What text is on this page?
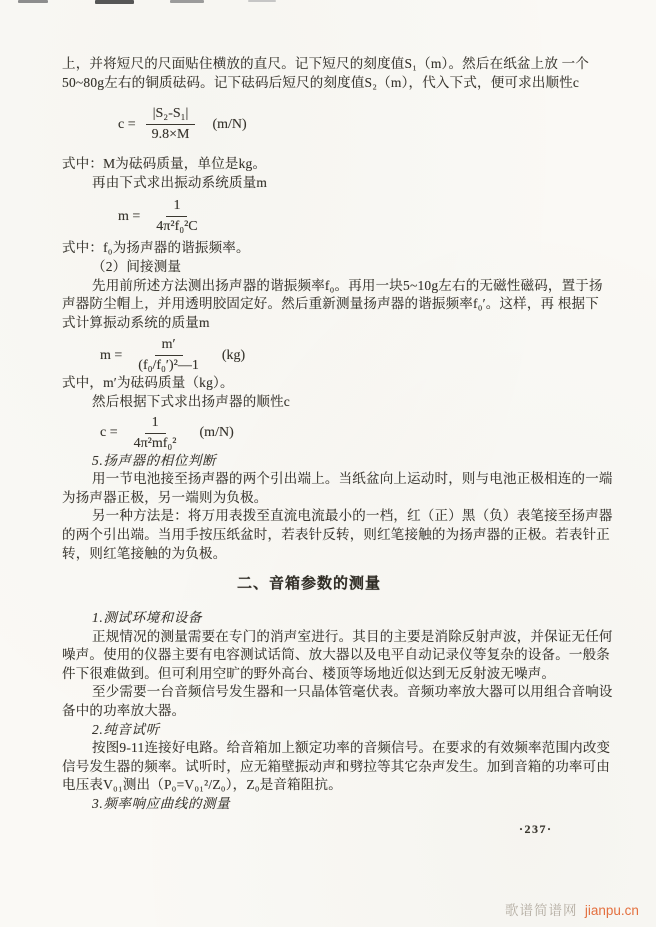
上，并将短尺的尺面贴住横放的直尺。记下短尺的刻度值S₁（m）。然后在纸盆上放 一个
50~80g左右的铜质砝码。记下砝码后短尺的刻度值S₂（m），代入下式，便可求出顺性c
$c = \frac{\text{|S₂-S₁|}}{9.8\times M} (m/N)$
式中：M为砝码质量，单位是kg。
再由下式求出振动系统质量m
$m = \frac{1}{\text{4π²f₀²C}}$
式中：f₀为扬声器的谐振频率。
（2）间接测量
先用前所述方法测出扬声器的谐振频率f₀。再用一块5~10g左右的无磁性磁码，置于扬
声器防尘帽上，并用透明胶固定好。然后重新测量扬声器的谐振频率f₀′。这样，再 根据下
式计算振动系统的质量m
$m = \frac{m'}{\text{(f₀/f₀′)²—1}} (kg)$
式中，m′为砝码质量（kg）。
然后根据下式求出扬声器的顺性c
$c = \frac{1}{\text{4π²mf₀²}} (m/N)$
5.扬声器的相位判断
用一节电池接至扬声器的两个引出端上。当纸盆向上运动时，则与电池正极相连的一端
为扬声器正极，另一端则为负极。
另一种方法是：将万用表拨至直流电流最小的一档，红（正）黑（负）表笔接至扬声器
的两个引出端。当用手按压纸盆时，若表针反转，则红笔接触的为扬声器的正极。若表针正
转，则红笔接触的为负极。
二、音箱参数的测量
1.测试环境和设备
正规情况的测量需要在专门的消声室进行。其目的主要是消除反射声波，并保证无任何
噪声。使用的仪器主要有电容测试话筒、放大器以及电平自动记录仪等复杂的设备。一般条
件下很难做到。但可利用空旷的野外高台、楼顶等场地近似达到无反射波无噪声。
至少需要一台音频信号发生器和一只晶体管毫伏表。音频功率放大器可以用组合音响设
备中的功率放大器。
2.纯音试听
按图9-11连接好电路。给音箱加上额定功率的音频信号。在要求的有效频率范围内改变
信号发生器的频率。试听时，应无箱壁振动声和劈拉等其它杂声发生。加到音箱的功率可由
电压表V₀₁测出（P₀=V₀₁²/Z₀），Z₀是音箱阻抗。
3.频率响应曲线的测量
·237·
歌谱简谱网 jianpu.cn
